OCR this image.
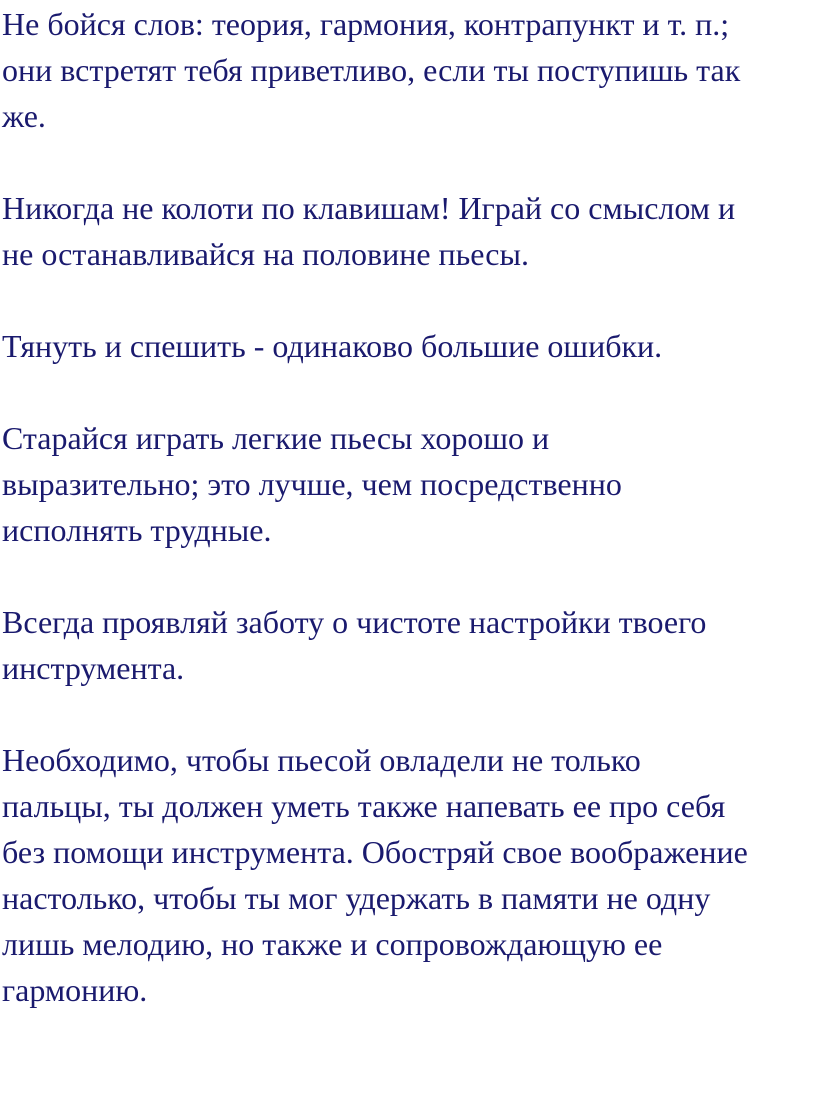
Не бойся слов: теория, гармония, контрапункт и т. п.;

они встретят тебя приветливо, если ты поступишь так

же.

Никогда не колоти по клавишам! Играй со смыслом и

не останавливайся на половине пьесы.

Тянуть и спешить - одинаково большие ошибки.

Старайся играть легкие пьесы хорошо и

выразительно; это лучше, чем посредственно

исполнять трудные.

Всегда проявляй заботу о чистоте настройки твоего

инструмента.

Необходимо, чтобы пьесой овладели не только

пальцы, ты должен уметь также напевать ее про себя

без помощи инструмента. Обостряй свое воображение

настолько, чтобы ты мог удержать в памяти не одну

лишь мелодию, но также и сопровождающую ее

гармонию.
